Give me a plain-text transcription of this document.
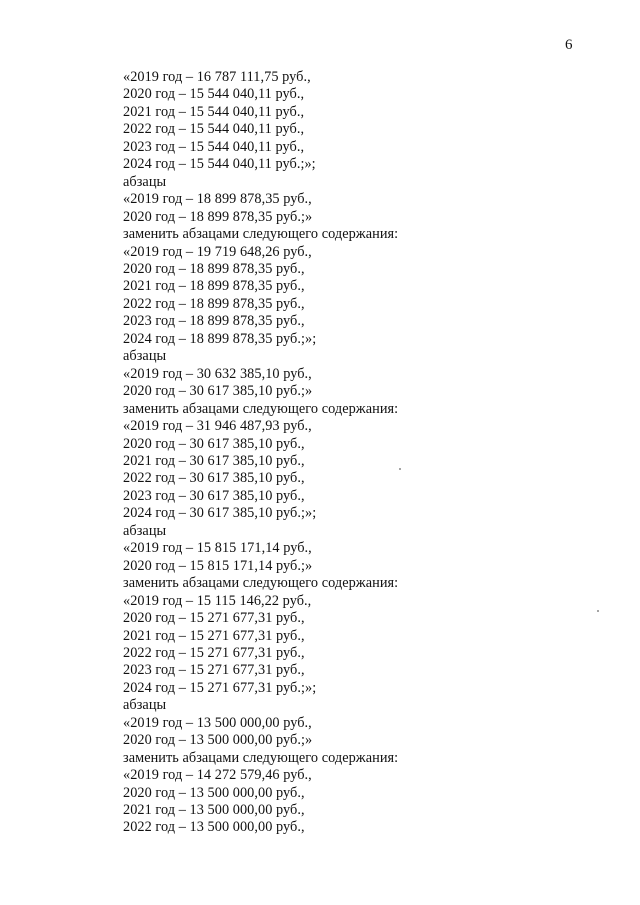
6
«2019 год – 16 787 111,75 руб.,
2020 год – 15 544 040,11 руб.,
2021 год – 15 544 040,11 руб.,
2022 год – 15 544 040,11 руб.,
2023 год – 15 544 040,11 руб.,
2024 год – 15 544 040,11 руб.;»;
абзацы
«2019 год – 18 899 878,35 руб.,
2020 год – 18 899 878,35 руб.;»
заменить абзацами следующего содержания:
«2019 год – 19 719 648,26 руб.,
2020 год – 18 899 878,35 руб.,
2021 год – 18 899 878,35 руб.,
2022 год – 18 899 878,35 руб.,
2023 год – 18 899 878,35 руб.,
2024 год – 18 899 878,35 руб.;»;
абзацы
«2019 год – 30 632 385,10 руб.,
2020 год – 30 617 385,10 руб.;»
заменить абзацами следующего содержания:
«2019 год – 31 946 487,93 руб.,
2020 год – 30 617 385,10 руб.,
2021 год – 30 617 385,10 руб.,
2022 год – 30 617 385,10 руб.,
2023 год – 30 617 385,10 руб.,
2024 год – 30 617 385,10 руб.;»;
абзацы
«2019 год – 15 815 171,14 руб.,
2020 год – 15 815 171,14 руб.;»
заменить абзацами следующего содержания:
«2019 год – 15 115 146,22 руб.,
2020 год – 15 271 677,31 руб.,
2021 год – 15 271 677,31 руб.,
2022 год – 15 271 677,31 руб.,
2023 год – 15 271 677,31 руб.,
2024 год – 15 271 677,31 руб.;»;
абзацы
«2019 год – 13 500 000,00 руб.,
2020 год – 13 500 000,00 руб.;»
заменить абзацами следующего содержания:
«2019 год – 14 272 579,46 руб.,
2020 год – 13 500 000,00 руб.,
2021 год – 13 500 000,00 руб.,
2022 год – 13 500 000,00 руб.,
